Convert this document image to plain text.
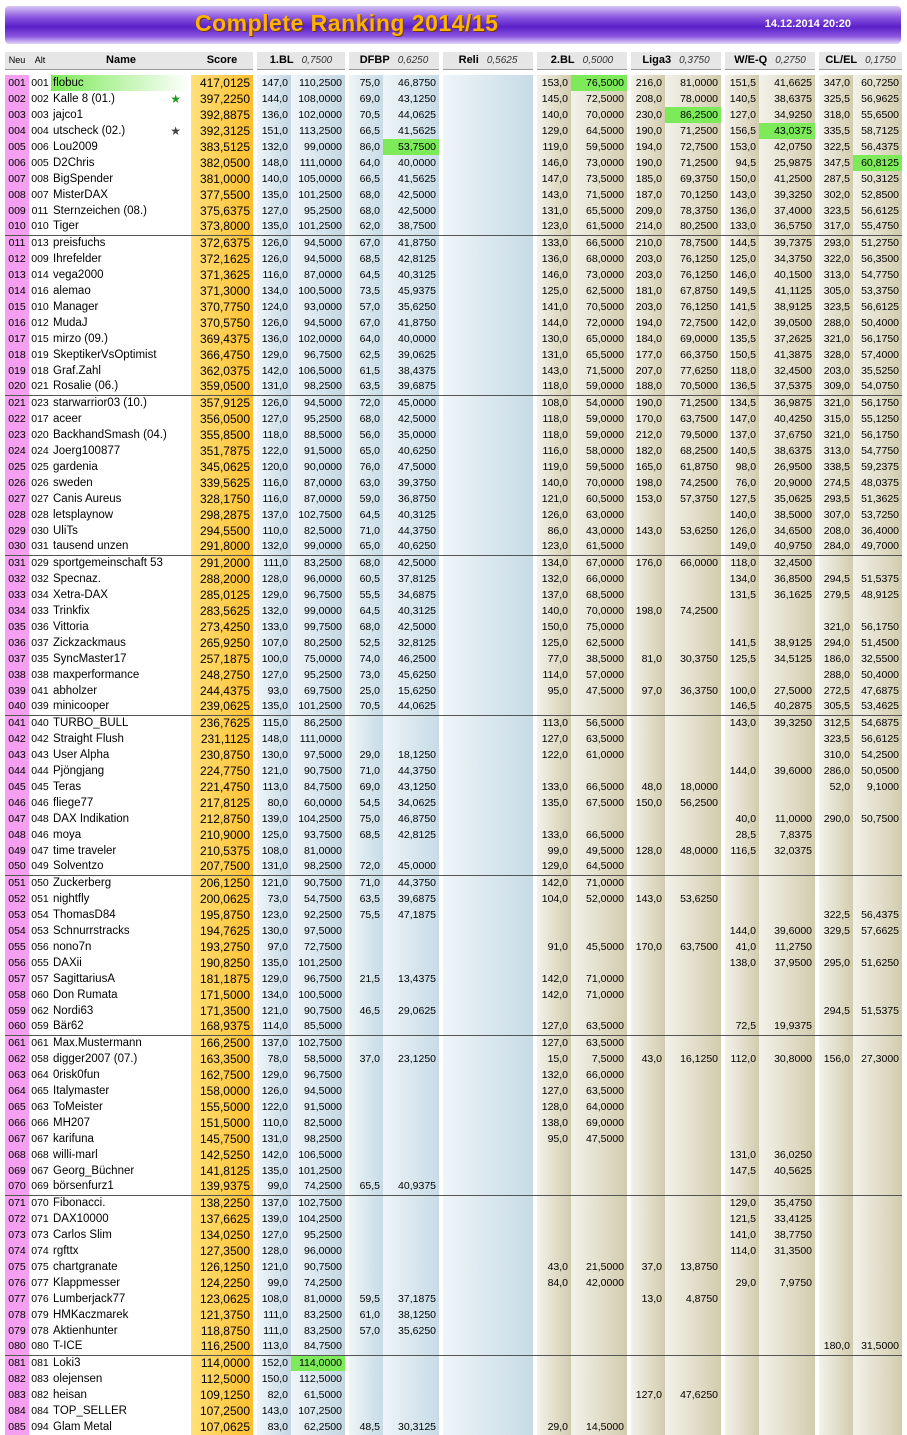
Complete Ranking 2014/15	14.12.2014 20:20
Neu	Alt	Name	Score		1.BL 0,7500			DFBP 0,6250			Reli 0,5625		2.BL 0,5000			Liga3 0,3750			W/E-Q 0,2750			CL/EL 0,1750	

001	001	flobuc	417,0125		147,0	110,2500		75,0	46,8750				153,0	76,5000		216,0	81,0000		151,5	41,6625		347,0	60,7250
002	002	Kalle 8 (01.) ★	397,2250		144,0	108,0000		69,0	43,1250				145,0	72,5000		208,0	78,0000		140,5	38,6375		325,5	56,9625
003	003	jajco1	392,8875		136,0	102,0000		70,5	44,0625				140,0	70,0000		230,0	86,2500		127,0	34,9250		318,0	55,6500
004	004	utscheck (02.) ★	392,3125		151,0	113,2500		66,5	41,5625				129,0	64,5000		190,0	71,2500		156,5	43,0375		335,5	58,7125
005	006	Lou2009	383,5125		132,0	99,0000		86,0	53,7500				119,0	59,5000		194,0	72,7500		153,0	42,0750		322,5	56,4375
006	005	D2Chris	382,0500		148,0	111,0000		64,0	40,0000				146,0	73,0000		190,0	71,2500		94,5	25,9875		347,5	60,8125
007	008	BigSpender	381,0000		140,0	105,0000		66,5	41,5625				147,0	73,5000		185,0	69,3750		150,0	41,2500		287,5	50,3125
008	007	MisterDAX	377,5500		135,0	101,2500		68,0	42,5000				143,0	71,5000		187,0	70,1250		143,0	39,3250		302,0	52,8500
009	011	Sternzeichen (08.)	375,6375		127,0	95,2500		68,0	42,5000				131,0	65,5000		209,0	78,3750		136,0	37,4000		323,5	56,6125
010	010	Tiger	373,8000		135,0	101,2500		62,0	38,7500				123,0	61,5000		214,0	80,2500		133,0	36,5750		317,0	55,4750
011	013	preisfuchs	372,6375		126,0	94,5000		67,0	41,8750				133,0	66,5000		210,0	78,7500		144,5	39,7375		293,0	51,2750
012	009	Ihrefelder	372,1625		126,0	94,5000		68,5	42,8125				136,0	68,0000		203,0	76,1250		125,0	34,3750		322,0	56,3500
013	014	vega2000	371,3625		116,0	87,0000		64,5	40,3125				146,0	73,0000		203,0	76,1250		146,0	40,1500		313,0	54,7750
014	016	alemao	371,3000		134,0	100,5000		73,5	45,9375				125,0	62,5000		181,0	67,8750		149,5	41,1125		305,0	53,3750
015	010	Manager	370,7750		124,0	93,0000		57,0	35,6250				141,0	70,5000		203,0	76,1250		141,5	38,9125		323,5	56,6125
016	012	MudaJ	370,5750		126,0	94,5000		67,0	41,8750				144,0	72,0000		194,0	72,7500		142,0	39,0500		288,0	50,4000
017	015	mirzo (09.)	369,4375		136,0	102,0000		64,0	40,0000				130,0	65,0000		184,0	69,0000		135,5	37,2625		321,0	56,1750
018	019	SkeptikerVsOptimist	366,4750		129,0	96,7500		62,5	39,0625				131,0	65,5000		177,0	66,3750		150,5	41,3875		328,0	57,4000
019	018	Graf.Zahl	362,0375		142,0	106,5000		61,5	38,4375				143,0	71,5000		207,0	77,6250		118,0	32,4500		203,0	35,5250
020	021	Rosalie (06.)	359,0500		131,0	98,2500		63,5	39,6875				118,0	59,0000		188,0	70,5000		136,5	37,5375		309,0	54,0750
021	023	starwarrior03 (10.)	357,9125		126,0	94,5000		72,0	45,0000				108,0	54,0000		190,0	71,2500		134,5	36,9875		321,0	56,1750
022	017	aceer	356,0500		127,0	95,2500		68,0	42,5000				118,0	59,0000		170,0	63,7500		147,0	40,4250		315,0	55,1250
023	020	BackhandSmash (04.)	355,8500		118,0	88,5000		56,0	35,0000				118,0	59,0000		212,0	79,5000		137,0	37,6750		321,0	56,1750
024	024	Joerg100877	351,7875		122,0	91,5000		65,0	40,6250				116,0	58,0000		182,0	68,2500		140,5	38,6375		313,0	54,7750
025	025	gardenia	345,0625		120,0	90,0000		76,0	47,5000				119,0	59,5000		165,0	61,8750		98,0	26,9500		338,5	59,2375
026	026	sweden	339,5625		116,0	87,0000		63,0	39,3750				140,0	70,0000		198,0	74,2500		76,0	20,9000		274,5	48,0375
027	027	Canis Aureus	328,1750		116,0	87,0000		59,0	36,8750				121,0	60,5000		153,0	57,3750		127,5	35,0625		293,5	51,3625
028	028	letsplaynow	298,2875		137,0	102,7500		64,5	40,3125				126,0	63,0000					140,0	38,5000		307,0	53,7250
029	030	UliTs	294,5500		110,0	82,5000		71,0	44,3750				86,0	43,0000		143,0	53,6250		126,0	34,6500		208,0	36,4000
030	031	tausend unzen	291,8000		132,0	99,0000		65,0	40,6250				123,0	61,5000					149,0	40,9750		284,0	49,7000
031	029	sportgemeinschaft 53	291,2000		111,0	83,2500		68,0	42,5000				134,0	67,0000		176,0	66,0000		118,0	32,4500			
032	032	Specnaz.	288,2000		128,0	96,0000		60,5	37,8125				132,0	66,0000					134,0	36,8500		294,5	51,5375
033	034	Xetra-DAX	285,0125		129,0	96,7500		55,5	34,6875				137,0	68,5000					131,5	36,1625		279,5	48,9125
034	033	Trinkfix	283,5625		132,0	99,0000		64,5	40,3125				140,0	70,0000		198,0	74,2500						
035	036	Vittoria	273,4250		133,0	99,7500		68,0	42,5000				150,0	75,0000								321,0	56,1750
036	037	Zickzackmaus	265,9250		107,0	80,2500		52,5	32,8125				125,0	62,5000					141,5	38,9125		294,0	51,4500
037	035	SyncMaster17	257,1875		100,0	75,0000		74,0	46,2500				77,0	38,5000		81,0	30,3750		125,5	34,5125		186,0	32,5500
038	038	maxperformance	248,2750		127,0	95,2500		73,0	45,6250				114,0	57,0000								288,0	50,4000
039	041	abholzer	244,4375		93,0	69,7500		25,0	15,6250				95,0	47,5000		97,0	36,3750		100,0	27,5000		272,5	47,6875
040	039	minicooper	239,0625		135,0	101,2500		70,5	44,0625										146,5	40,2875		305,5	53,4625
041	040	TURBO_BULL	236,7625		115,0	86,2500							113,0	56,5000					143,0	39,3250		312,5	54,6875
042	042	Straight Flush	231,1125		148,0	111,0000							127,0	63,5000								323,5	56,6125
043	043	User Alpha	230,8750		130,0	97,5000		29,0	18,1250				122,0	61,0000								310,0	54,2500
044	044	Pjöngjang	224,7750		121,0	90,7500		71,0	44,3750										144,0	39,6000		286,0	50,0500
045	045	Teras	221,4750		113,0	84,7500		69,0	43,1250				133,0	66,5000		48,0	18,0000					52,0	9,1000
046	046	fliege77	217,8125		80,0	60,0000		54,5	34,0625				135,0	67,5000		150,0	56,2500						
047	048	DAX Indikation	212,8750		139,0	104,2500		75,0	46,8750										40,0	11,0000		290,0	50,7500
048	046	moya	210,9000		125,0	93,7500		68,5	42,8125				133,0	66,5000					28,5	7,8375			
049	047	time traveler	210,5375		108,0	81,0000							99,0	49,5000		128,0	48,0000		116,5	32,0375			
050	049	Solventzo	207,7500		131,0	98,2500		72,0	45,0000				129,0	64,5000									
051	050	Zuckerberg	206,1250		121,0	90,7500		71,0	44,3750				142,0	71,0000									
052	051	nightfly	200,0625		73,0	54,7500		63,5	39,6875				104,0	52,0000		143,0	53,6250						
053	054	ThomasD84	195,8750		123,0	92,2500		75,5	47,1875													322,5	56,4375
054	053	Schnurrstracks	194,7625		130,0	97,5000													144,0	39,6000		329,5	57,6625
055	056	nono7n	193,2750		97,0	72,7500							91,0	45,5000		170,0	63,7500		41,0	11,2750			
056	055	DAXii	190,8250		135,0	101,2500													138,0	37,9500		295,0	51,6250
057	057	SagittariusA	181,1875		129,0	96,7500		21,5	13,4375				142,0	71,0000									
058	060	Don Rumata	171,5000		134,0	100,5000							142,0	71,0000									
059	062	Nordi63	171,3500		121,0	90,7500		46,5	29,0625													294,5	51,5375
060	059	Bär62	168,9375		114,0	85,5000							127,0	63,5000					72,5	19,9375			
061	061	Max.Mustermann	166,2500		137,0	102,7500							127,0	63,5000									
062	058	digger2007 (07.)	163,3500		78,0	58,5000		37,0	23,1250				15,0	7,5000		43,0	16,1250		112,0	30,8000		156,0	27,3000
063	064	0risk0fun	162,7500		129,0	96,7500							132,0	66,0000									
064	065	Italymaster	158,0000		126,0	94,5000							127,0	63,5000									
065	063	ToMeister	155,5000		122,0	91,5000							128,0	64,0000									
066	066	MH207	151,5000		110,0	82,5000							138,0	69,0000									
067	067	karifuna	145,7500		131,0	98,2500							95,0	47,5000									
068	068	willi-marl	142,5250		142,0	106,5000													131,0	36,0250			
069	067	Georg_Büchner	141,8125		135,0	101,2500													147,5	40,5625			
070	069	börsenfurz1	139,9375		99,0	74,2500		65,5	40,9375														
071	070	Fibonacci.	138,2250		137,0	102,7500													129,0	35,4750			
072	071	DAX10000	137,6625		139,0	104,2500													121,5	33,4125			
073	073	Carlos Slim	134,0250		127,0	95,2500													141,0	38,7750			
074	074	rgfttx	127,3500		128,0	96,0000													114,0	31,3500			
075	075	chartgranate	126,1250		121,0	90,7500							43,0	21,5000		37,0	13,8750						
076	077	Klappmesser	124,2250		99,0	74,2500							84,0	42,0000					29,0	7,9750			
077	076	Lumberjack77	123,0625		108,0	81,0000		59,5	37,1875							13,0	4,8750						
078	079	HMKaczmarek	121,3750		111,0	83,2500		61,0	38,1250														
079	078	Aktienhunter	118,8750		111,0	83,2500		57,0	35,6250														
080	080	T-ICE	116,2500		113,0	84,7500																180,0	31,5000
081	081	Loki3	114,0000		152,0	114,0000																	
082	083	olejensen	112,5000		150,0	112,5000																	
083	082	heisan	109,1250		82,0	61,5000										127,0	47,6250						
084	084	TOP_SELLER	107,2500		143,0	107,2500																	
085	094	Glam Metal	107,0625		83,0	62,2500		48,5	30,3125				29,0	14,5000									
